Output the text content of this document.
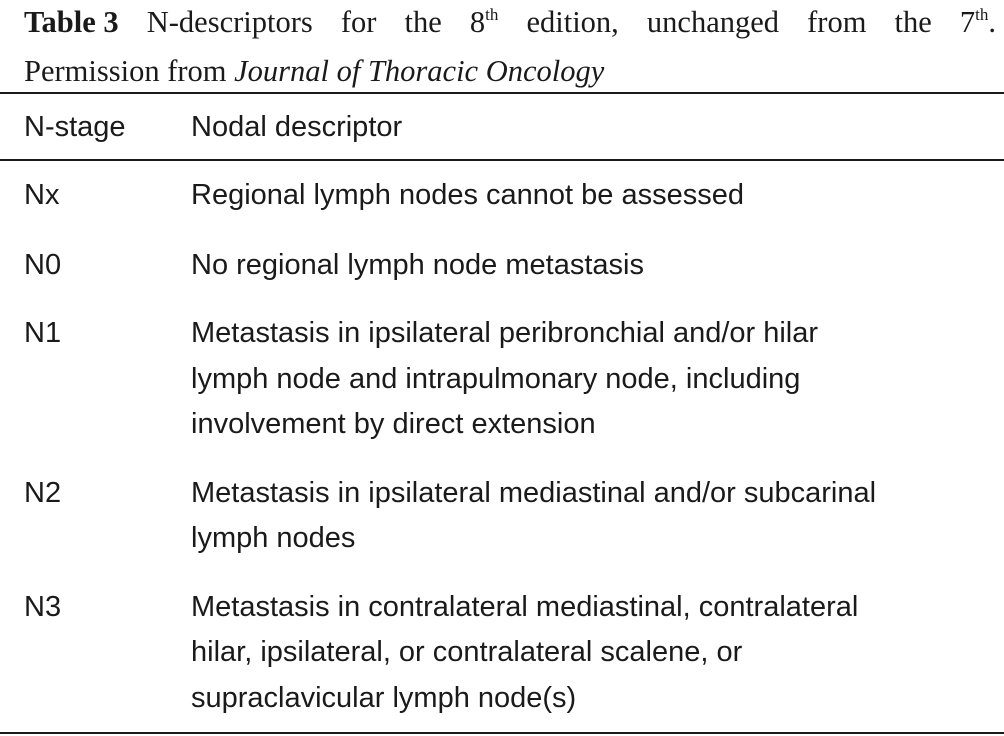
Table 3 N-descriptors for the 8th edition, unchanged from the 7th.
Permission from Journal of Thoracic Oncology
N-stage	Nodal descriptor
Nx	Regional lymph nodes cannot be assessed

N0	No regional lymph node metastasis

N1	Metastasis in ipsilateral peribronchial and/or hilar
lymph node and intrapulmonary node, including
involvement by direct extension

N2	Metastasis in ipsilateral mediastinal and/or subcarinal
lymph nodes

N3	Metastasis in contralateral mediastinal, contralateral
hilar, ipsilateral, or contralateral scalene, or
supraclavicular lymph node(s)
